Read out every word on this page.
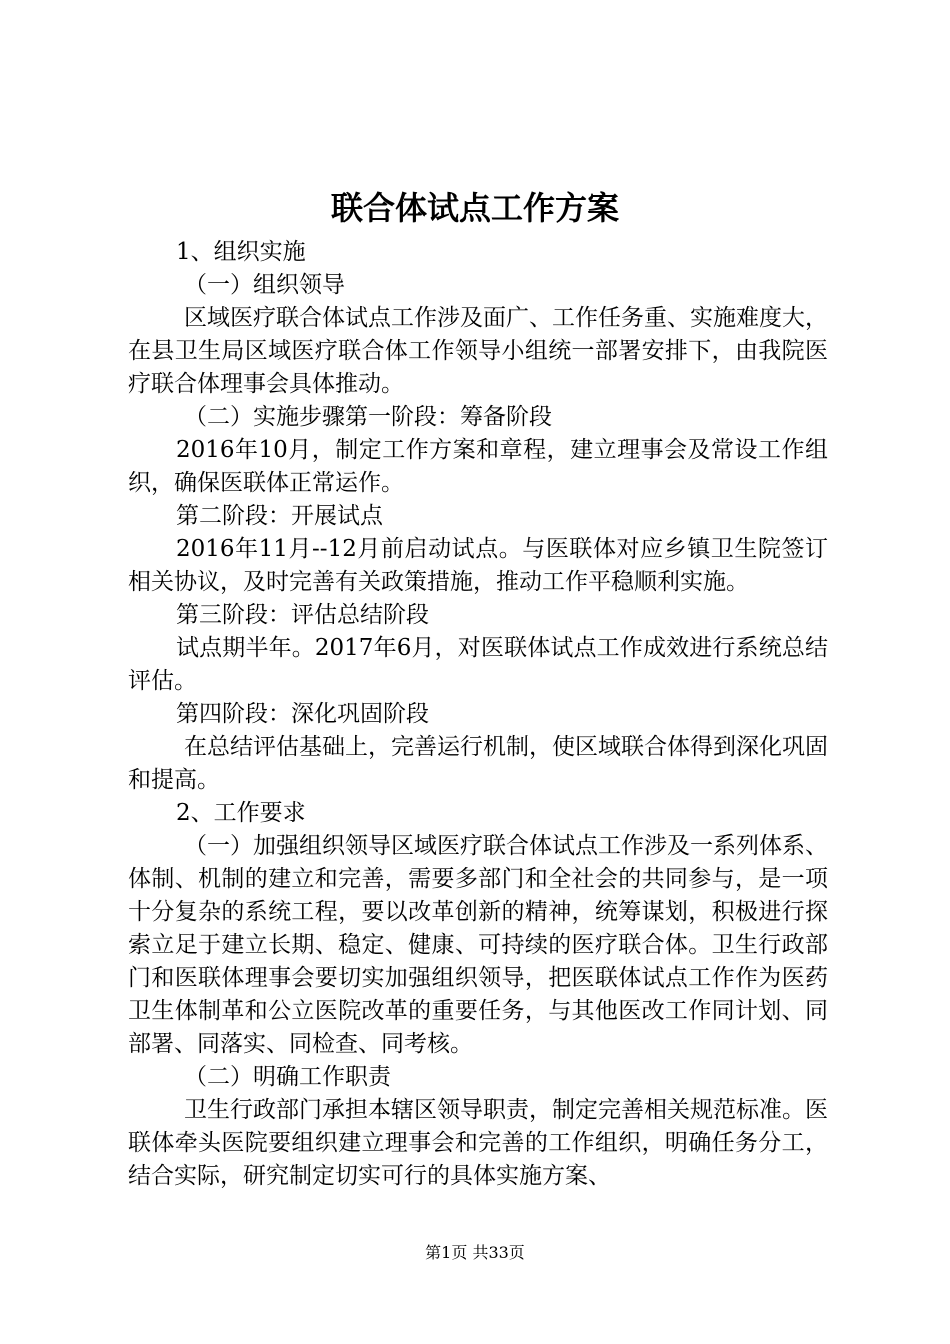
联合体试点工作方案

1、组织实施

（一）组织领导

区域医疗联合体试点工作涉及面广、工作任务重、实施难度大，在县卫生局区域医疗联合体工作领导小组统一部署安排下，由我院医疗联合体理事会具体推动。

（二）实施步骤第一阶段：筹备阶段

2016年10月，制定工作方案和章程，建立理事会及常设工作组织，确保医联体正常运作。

第二阶段：开展试点

2016年11月--12月前启动试点。与医联体对应乡镇卫生院签订相关协议，及时完善有关政策措施，推动工作平稳顺利实施。

第三阶段：评估总结阶段

试点期半年。2017年6月，对医联体试点工作成效进行系统总结评估。

第四阶段：深化巩固阶段

在总结评估基础上，完善运行机制，使区域联合体得到深化巩固和提高。

2、工作要求

（一）加强组织领导区域医疗联合体试点工作涉及一系列体系、体制、机制的建立和完善，需要多部门和全社会的共同参与，是一项十分复杂的系统工程，要以改革创新的精神，统筹谋划，积极进行探索立足于建立长期、稳定、健康、可持续的医疗联合体。卫生行政部门和医联体理事会要切实加强组织领导，把医联体试点工作作为医药卫生体制革和公立医院改革的重要任务，与其他医改工作同计划、同部署、同落实、同检查、同考核。

（二）明确工作职责

卫生行政部门承担本辖区领导职责，制定完善相关规范标准。医联体牵头医院要组织建立理事会和完善的工作组织，明确任务分工，结合实际，研究制定切实可行的具体实施方案、

第1页 共33页
